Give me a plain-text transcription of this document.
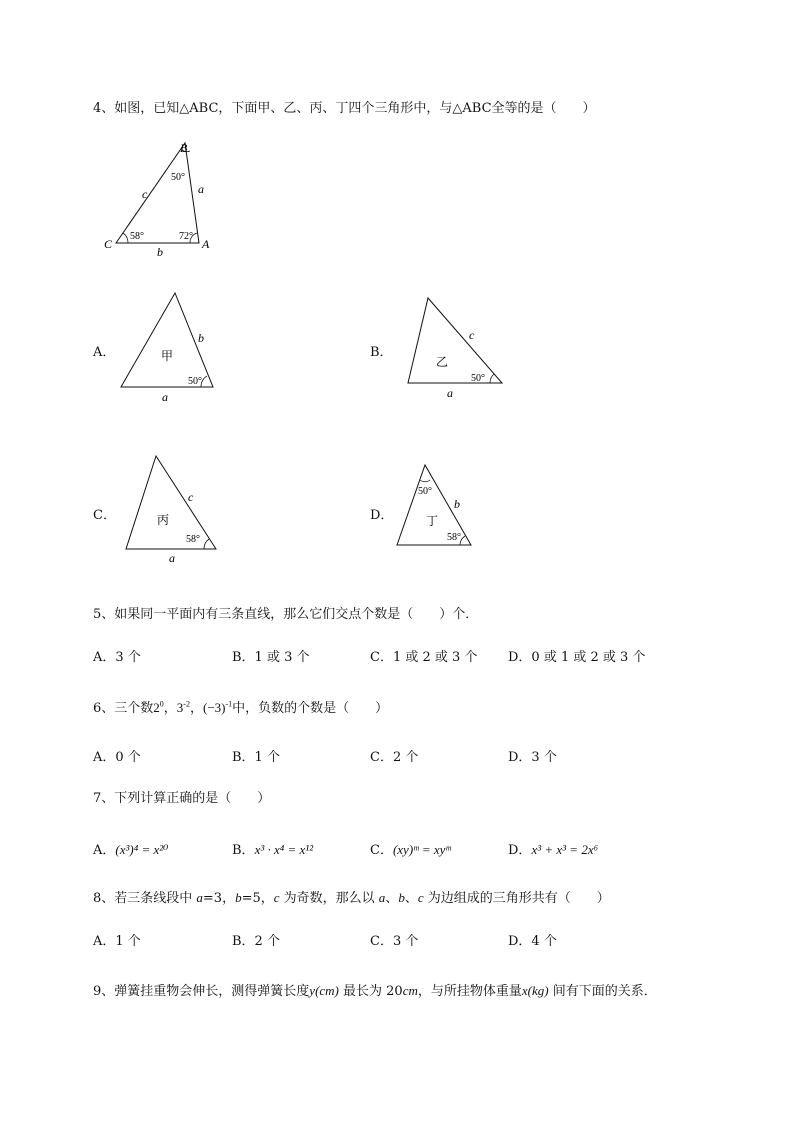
4、如图，已知△ABC，下面甲、乙、丙、丁四个三角形中，与△ABC全等的是（　　）
B
C	A
a
b
c
50°
58°	72°
A．	甲
b
a
50°
B．
乙
c
a
50°
C．	丙
c
a
58°
D．	丁
b
50°
58°
5、如果同一平面内有三条直线，那么它们交点个数是（　　）个．
A．3 个	B．1 或 3 个	C．1 或 2 或 3 个 D．0 或 1 或 2 或 3 个
6、三个数$2^0$，$3^{-2}$，$(-3)^{-1}$中，负数的个数是（　　）
A．0 个	B．1 个	C．2 个	D．3 个
7、下列计算正确的是（　　）
A．(x³)⁴ = x²⁰	B．x³ · x⁴ = x¹²	C．(xy)ᵐ = xyᵐ	D．x³ + x³ = 2x⁶
8、若三条线段中 a=3，b=5，c 为奇数，那么以 a、b、c 为边组成的三角形共有（　　）
A．1 个	B．2 个	C．3 个	D．4 个
9、弹簧挂重物会伸长，测得弹簧长度y(cm) 最长为 20cm，与所挂物体重量x(kg) 间有下面的关系．
